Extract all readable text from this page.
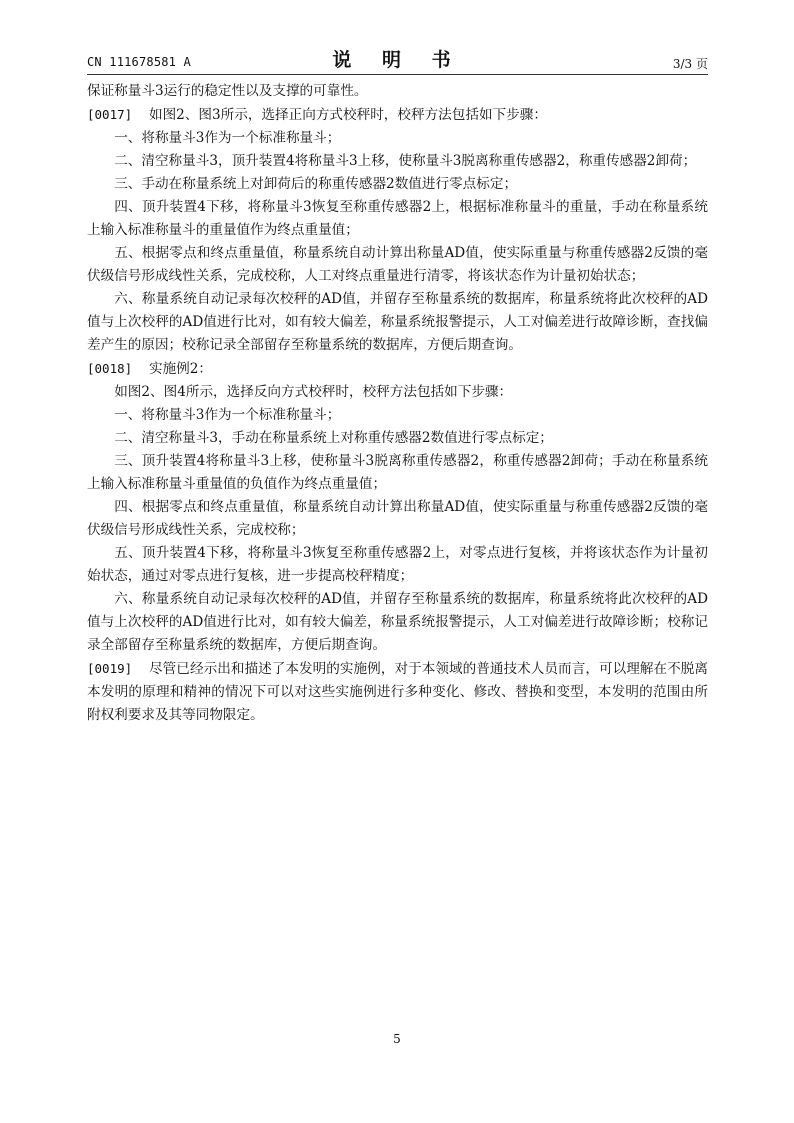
CN 111678581 A	说 明 书	3/3 页

保证称量斗3运行的稳定性以及支撑的可靠性。

[0017] 如图2、图3所示，选择正向方式校秤时，校秤方法包括如下步骤：

一、将称量斗3作为一个标准称量斗；

二、清空称量斗3，顶升装置4将称量斗3上移，使称量斗3脱离称重传感器2，称重传感器2卸荷；

三、手动在称量系统上对卸荷后的称重传感器2数值进行零点标定；

四、顶升装置4下移，将称量斗3恢复至称重传感器2上，根据标准称量斗的重量，手动在称量系统上输入标准称量斗的重量值作为终点重量值；

五、根据零点和终点重量值，称量系统自动计算出称量AD值，使实际重量与称重传感器2反馈的毫伏级信号形成线性关系，完成校称，人工对终点重量进行清零，将该状态作为计量初始状态；

六、称量系统自动记录每次校秤的AD值，并留存至称量系统的数据库，称量系统将此次校秤的AD值与上次校秤的AD值进行比对，如有较大偏差，称量系统报警提示，人工对偏差进行故障诊断，查找偏差产生的原因；校称记录全部留存至称量系统的数据库，方便后期查询。

[0018] 实施例2：

如图2、图4所示，选择反向方式校秤时，校秤方法包括如下步骤：

一、将称量斗3作为一个标准称量斗；

二、清空称量斗3，手动在称量系统上对称重传感器2数值进行零点标定；

三、顶升装置4将称量斗3上移，使称量斗3脱离称重传感器2，称重传感器2卸荷；手动在称量系统上输入标准称量斗重量值的负值作为终点重量值；

四、根据零点和终点重量值，称量系统自动计算出称量AD值，使实际重量与称重传感器2反馈的毫伏级信号形成线性关系，完成校称；

五、顶升装置4下移，将称量斗3恢复至称重传感器2上，对零点进行复核，并将该状态作为计量初始状态，通过对零点进行复核，进一步提高校秤精度；

六、称量系统自动记录每次校秤的AD值，并留存至称量系统的数据库，称量系统将此次校秤的AD值与上次校秤的AD值进行比对，如有较大偏差，称量系统报警提示，人工对偏差进行故障诊断；校称记录全部留存至称量系统的数据库，方便后期查询。

[0019] 尽管已经示出和描述了本发明的实施例，对于本领域的普通技术人员而言，可以理解在不脱离本发明的原理和精神的情况下可以对这些实施例进行多种变化、修改、替换和变型，本发明的范围由所附权利要求及其等同物限定。

5
